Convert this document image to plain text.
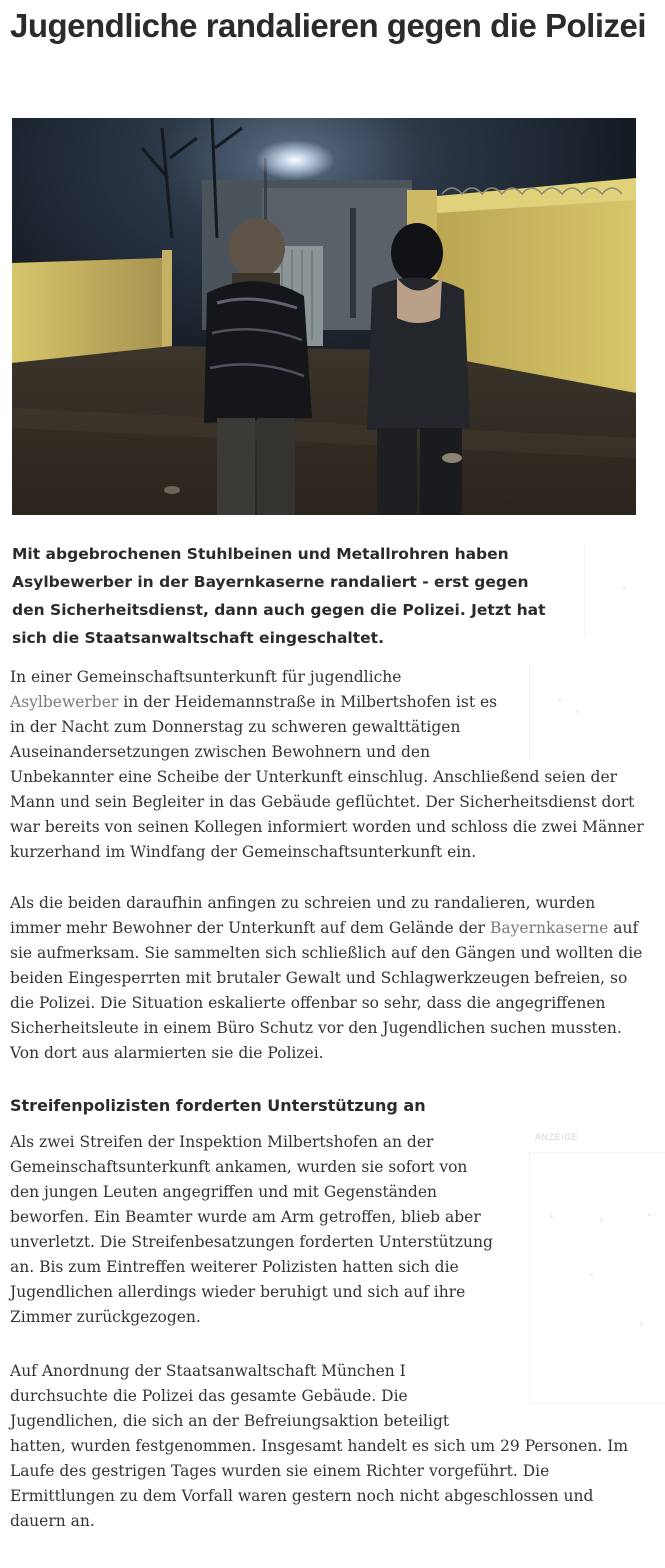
Jugendliche randalieren gegen die Polizei

Mit abgebrochenen Stuhlbeinen und Metallrohren haben Asylbewerber in der Bayernkaserne randaliert - erst gegen den Sicherheitsdienst, dann auch gegen die Polizei. Jetzt hat sich die Staatsanwaltschaft eingeschaltet.

In einer Gemeinschaftsunterkunft für jugendliche
Asylbewerber in der Heidemannstraße in Milbertshofen ist es
in der Nacht zum Donnerstag zu schweren gewalttätigen
Auseinandersetzungen zwischen Bewohnern und den
Unbekannter eine Scheibe der Unterkunft einschlug. Anschließend seien der
Mann und sein Begleiter in das Gebäude geflüchtet. Der Sicherheitsdienst dort
war bereits von seinen Kollegen informiert worden und schloss die zwei Männer
kurzerhand im Windfang der Gemeinschaftsunterkunft ein.

Als die beiden daraufhin anfingen zu schreien und zu randalieren, wurden
immer mehr Bewohner der Unterkunft auf dem Gelände der Bayernkaserne auf
sie aufmerksam. Sie sammelten sich schließlich auf den Gängen und wollten die
beiden Eingesperrten mit brutaler Gewalt und Schlagwerkzeugen befreien, so
die Polizei. Die Situation eskalierte offenbar so sehr, dass die angegriffenen
Sicherheitsleute in einem Büro Schutz vor den Jugendlichen suchen mussten.
Von dort aus alarmierten sie die Polizei.

Streifenpolizisten forderten Unterstützung an
ANZEIGE

Als zwei Streifen der Inspektion Milbertshofen an der
Gemeinschaftsunterkunft ankamen, wurden sie sofort von
den jungen Leuten angegriffen und mit Gegenständen
beworfen. Ein Beamter wurde am Arm getroffen, blieb aber
unverletzt. Die Streifenbesatzungen forderten Unterstützung
an. Bis zum Eintreffen weiterer Polizisten hatten sich die
Jugendlichen allerdings wieder beruhigt und sich auf ihre
Zimmer zurückgezogen.

Auf Anordnung der Staatsanwaltschaft München I
durchsuchte die Polizei das gesamte Gebäude. Die
Jugendlichen, die sich an der Befreiungsaktion beteiligt
hatten, wurden festgenommen. Insgesamt handelt es sich um 29 Personen. Im
Laufe des gestrigen Tages wurden sie einem Richter vorgeführt. Die
Ermittlungen zu dem Vorfall waren gestern noch nicht abgeschlossen und
dauern an.
